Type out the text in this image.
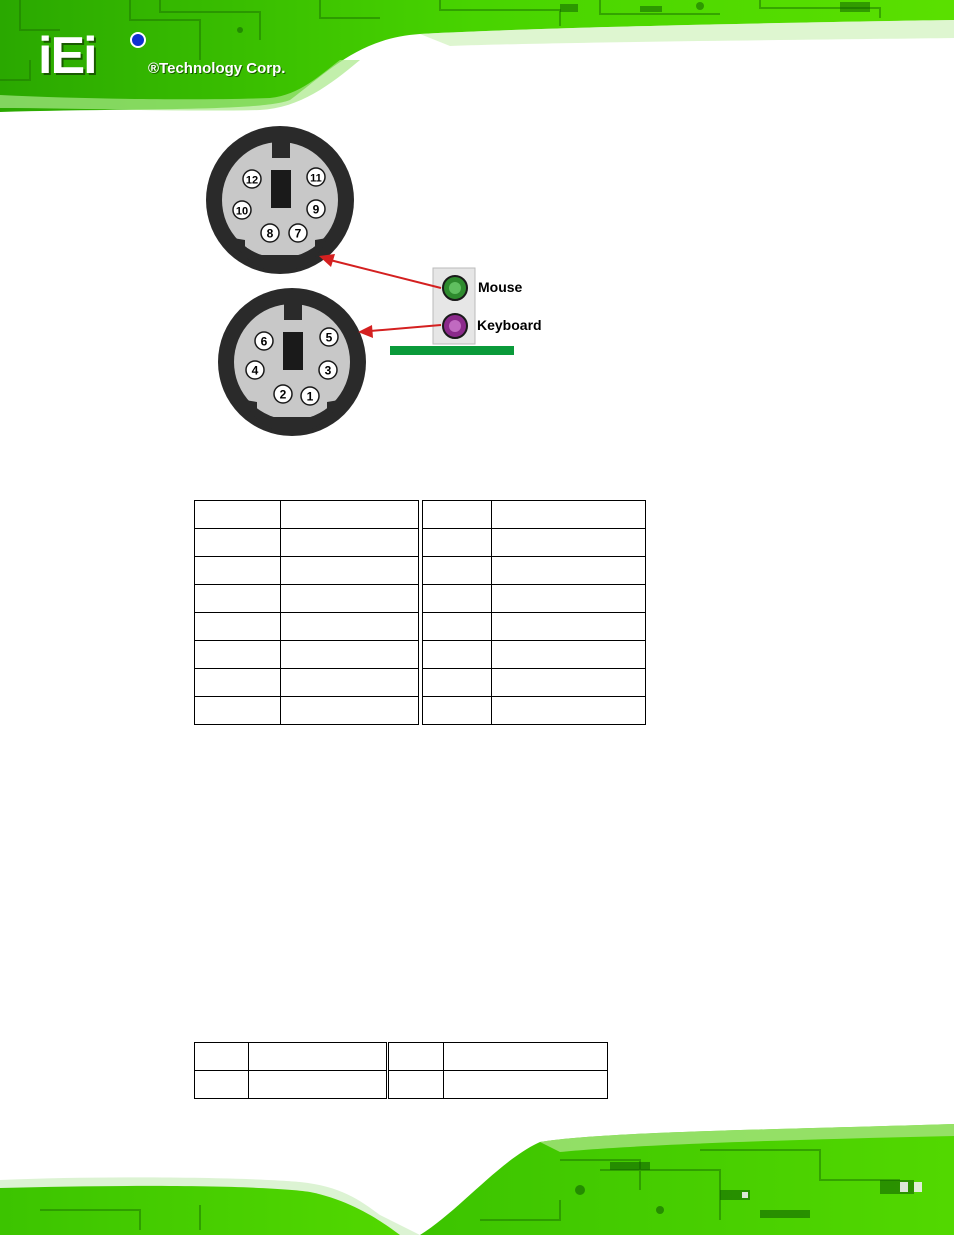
iEi	®Technology Corp.
12	11
10	9
8 7
6	5
4	3
2 1
Mouse
Keyboard
